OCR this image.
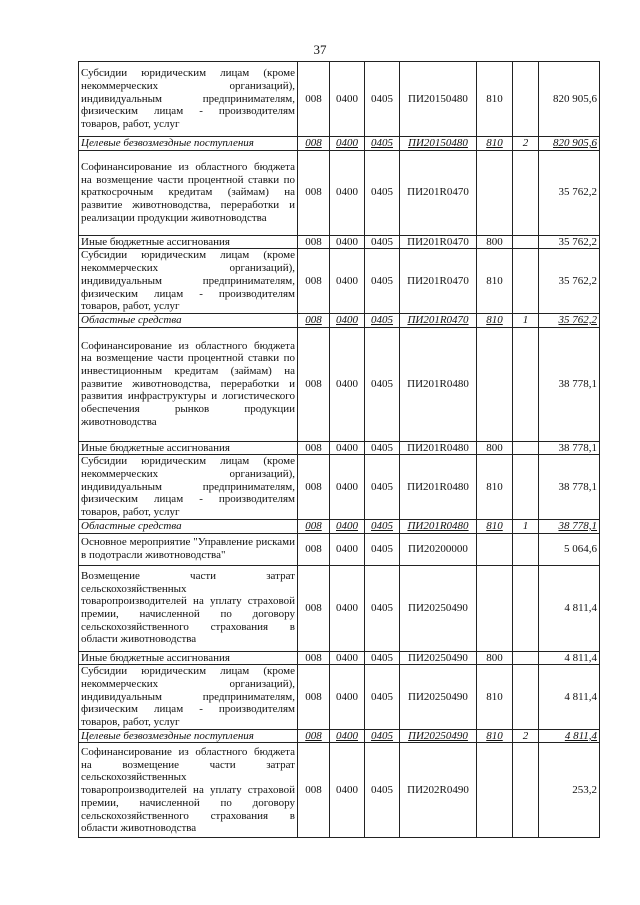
37
Субсидии юридическим лицам (кроме некоммерческих организаций), индивидуальным предпринимателям, физическим лицам - производителям товаров, работ, услуг	008	0400	0405	ПИ20150480	810		820 905,6
Целевые безвозмездные поступления	008	0400	0405	ПИ20150480	810	2	820 905,6
Софинансирование из областного бюджета на возмещение части процентной ставки по краткосрочным кредитам (займам) на развитие животноводства, переработки и реализации продукции животноводства	008	0400	0405	ПИ201R0470			35 762,2
Иные бюджетные ассигнования	008	0400	0405	ПИ201R0470	800		35 762,2
Субсидии юридическим лицам (кроме некоммерческих организаций), индивидуальным предпринимателям, физическим лицам - производителям товаров, работ, услуг	008	0400	0405	ПИ201R0470	810		35 762,2
Областные средства	008	0400	0405	ПИ201R0470	810	1	35 762,2
Софинансирование из областного бюджета на возмещение части процентной ставки по инвестиционным кредитам (займам) на развитие животноводства, переработки и развития инфраструктуры и логистического обеспечения рынков продукции животноводства	008	0400	0405	ПИ201R0480			38 778,1
Иные бюджетные ассигнования	008	0400	0405	ПИ201R0480	800		38 778,1
Субсидии юридическим лицам (кроме некоммерческих организаций), индивидуальным предпринимателям, физическим лицам - производителям товаров, работ, услуг	008	0400	0405	ПИ201R0480	810		38 778,1
Областные средства	008	0400	0405	ПИ201R0480	810	1	38 778,1
Основное мероприятие "Управление рисками в подотрасли животноводства"	008	0400	0405	ПИ20200000			5 064,6
Возмещение части затрат сельскохозяйственных товаропроизводителей на уплату страховой премии, начисленной по договору сельскохозяйственного страхования в области животноводства	008	0400	0405	ПИ20250490			4 811,4
Иные бюджетные ассигнования	008	0400	0405	ПИ20250490	800		4 811,4
Субсидии юридическим лицам (кроме некоммерческих организаций), индивидуальным предпринимателям, физическим лицам - производителям товаров, работ, услуг	008	0400	0405	ПИ20250490	810		4 811,4
Целевые безвозмездные поступления	008	0400	0405	ПИ20250490	810	2	4 811,4
Софинансирование из областного бюджета на возмещение части затрат сельскохозяйственных товаропроизводителей на уплату страховой премии, начисленной по договору сельскохозяйственного страхования в области животноводства	008	0400	0405	ПИ202R0490			253,2
